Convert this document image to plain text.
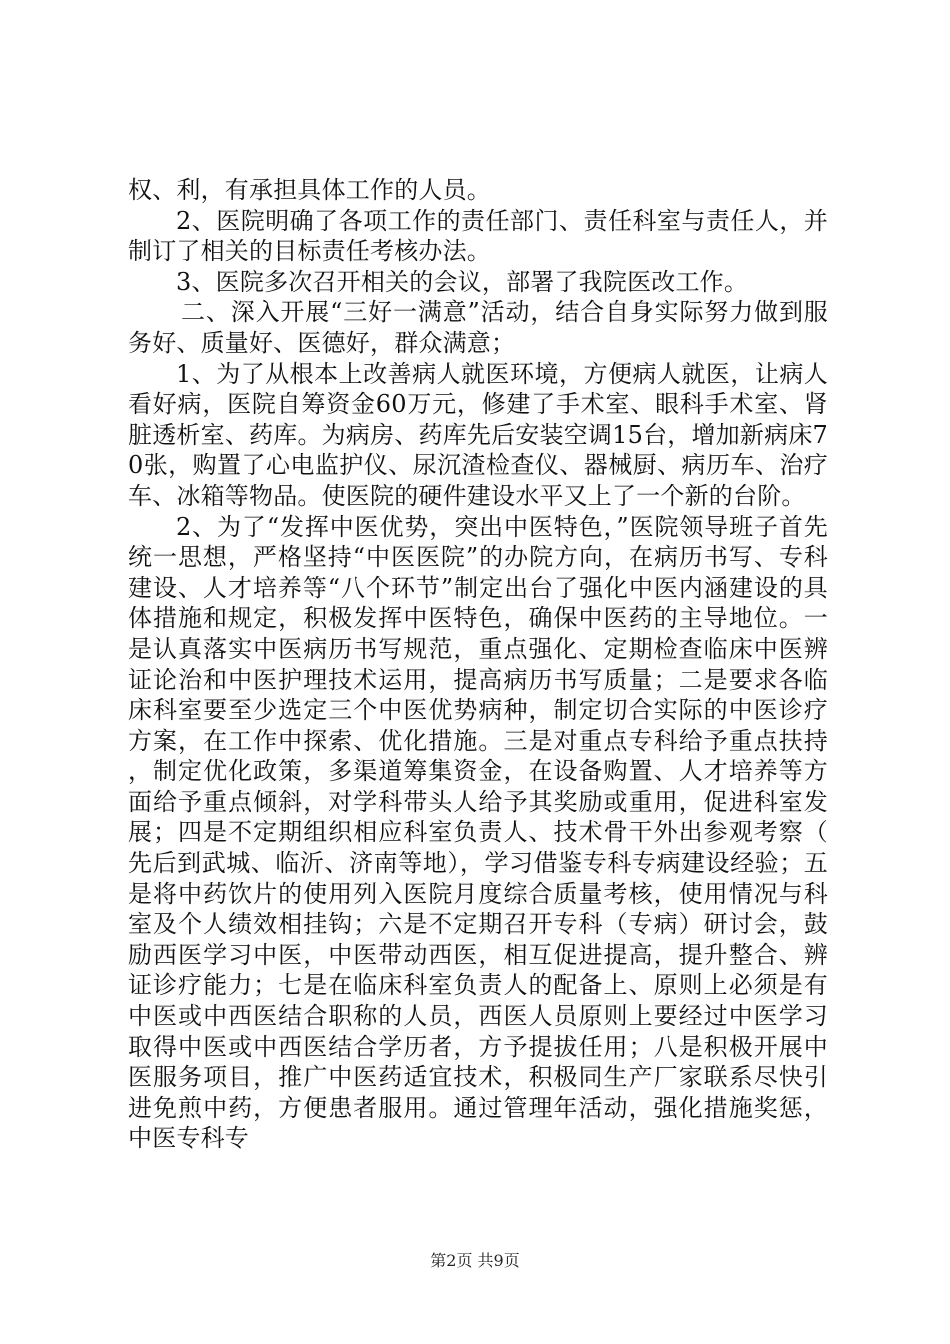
权、利，有承担具体工作的人员。

2、医院明确了各项工作的责任部门、责任科室与责任人，并制订了相关的目标责任考核办法。

3、医院多次召开相关的会议，部署了我院医改工作。

二、深入开展“三好一满意”活动，结合自身实际努力做到服务好、质量好、医德好，群众满意；

1、为了从根本上改善病人就医环境，方便病人就医，让病人看好病，医院自筹资金60万元，修建了手术室、眼科手术室、肾脏透析室、药库。为病房、药库先后安装空调15台，增加新病床70张，购置了心电监护仪、尿沉渣检查仪、器械厨、病历车、治疗车、冰箱等物品。使医院的硬件建设水平又上了一个新的台阶。

2、为了“发挥中医优势，突出中医特色，”医院领导班子首先统一思想，严格坚持“中医医院”的办院方向，在病历书写、专科建设、人才培养等“八个环节”制定出台了强化中医内涵建设的具体措施和规定，积极发挥中医特色，确保中医药的主导地位。一是认真落实中医病历书写规范，重点强化、定期检查临床中医辨证论治和中医护理技术运用，提高病历书写质量；二是要求各临床科室要至少选定三个中医优势病种，制定切合实际的中医诊疗方案，在工作中探索、优化措施。三是对重点专科给予重点扶持，制定优化政策，多渠道筹集资金，在设备购置、人才培养等方面给予重点倾斜，对学科带头人给予其奖励或重用，促进科室发展；四是不定期组织相应科室负责人、技术骨干外出参观考察（先后到武城、临沂、济南等地），学习借鉴专科专病建设经验；五是将中药饮片的使用列入医院月度综合质量考核，使用情况与科室及个人绩效相挂钩；六是不定期召开专科（专病）研讨会，鼓励西医学习中医，中医带动西医，相互促进提高，提升整合、辨证诊疗能力；七是在临床科室负责人的配备上、原则上必须是有中医或中西医结合职称的人员，西医人员原则上要经过中医学习取得中医或中西医结合学历者，方予提拔任用；八是积极开展中医服务项目，推广中医药适宜技术，积极同生产厂家联系尽快引进免煎中药，方便患者服用。通过管理年活动，强化措施奖惩，中医专科专

第2页 共9页
